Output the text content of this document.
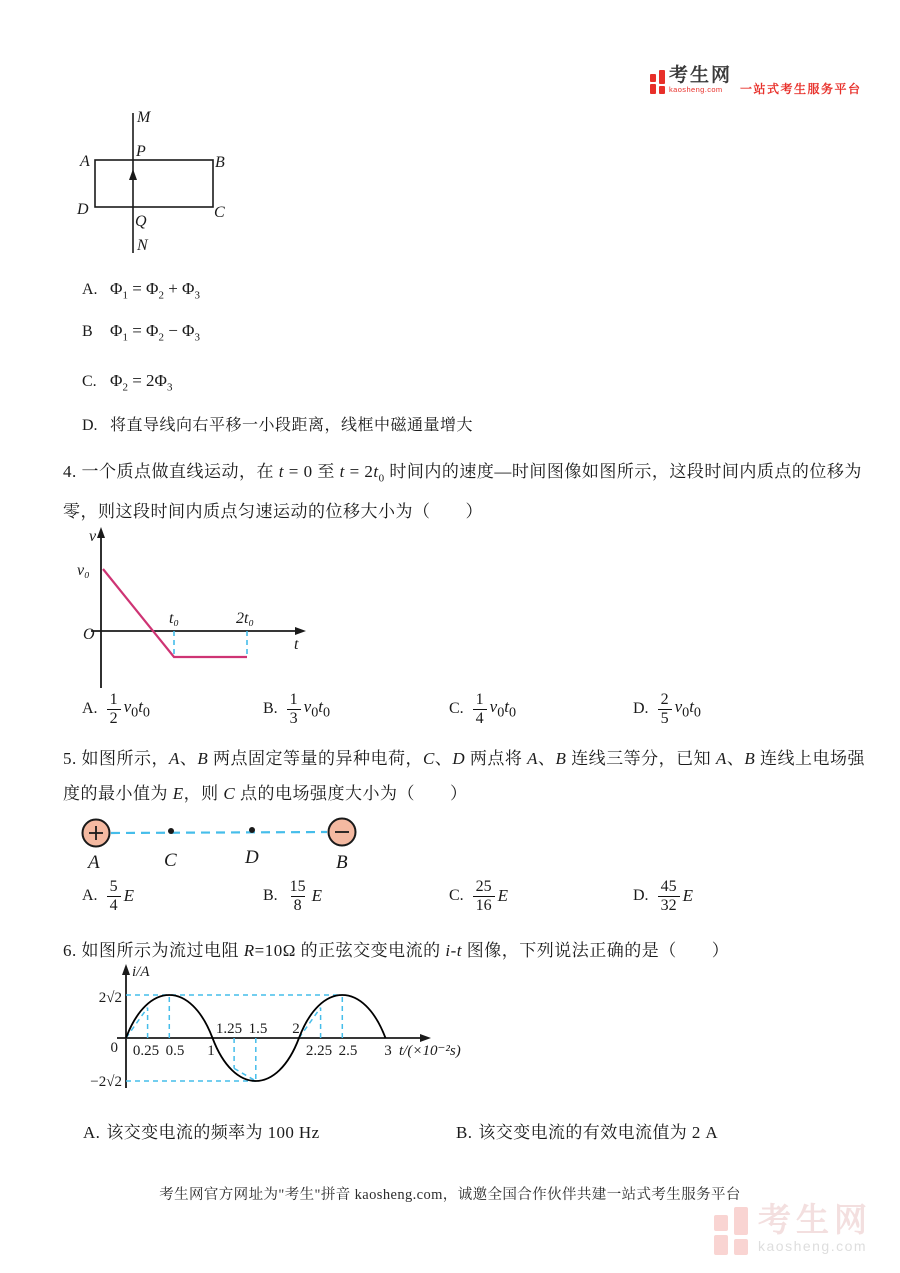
考生网
kaosheng.com	一站式考生服务平台
M
P
A	B
D	C
Q
N
A. $\Phi_1 = \Phi_2 + \Phi_3$
B $\Phi_1 = \Phi_2 - \Phi_3$
C. $\Phi_2 = 2\Phi_3$
D. 将直导线向右平移一小段距离，线框中磁通量增大
4. 一个质点做直线运动，在 t = 0 至 $t = 2t_0$ 时间内的速度—时间图像如图所示，这段时间内质点的位移为
零，则这段时间内质点匀速运动的位移大小为（　　）
v
v₀
O
t₀	2t₀
t
A. $\frac{1}{2} v_0t_0$	B. $\frac{1}{3} v_0t_0$	C. $\frac{1}{4} v_0t_0$	D. $\frac{2}{5} v_0t_0$
5. 如图所示，A、B 两点固定等量的异种电荷，C、D 两点将 A、B 连线三等分，已知 A、B 连线上电场强
度的最小值为 E，则 C 点的电场强度大小为（　　）
A	C	D	B
A. $\frac{5}{4}$ E	B. $\frac{15}{8}$ E	C. $\frac{25}{16}$ E	D. $\frac{45}{32}$ E
6. 如图所示为流过电阻 R=10Ω 的正弦交变电流的 i-t 图像，下列说法正确的是（　　）
i/A
2√2
0
−2√2
0.25 0.5 1	2.25 2.5 3
1.25 1.5 2
t/(×10⁻²s)
A. 该交变电流的频率为 100 Hz	B. 该交变电流的有效电流值为 2 A
考生网官方网址为"考生"拼音 kaosheng.com，诚邀全国合作伙伴共建一站式考生服务平台
考生网
kaosheng.com
